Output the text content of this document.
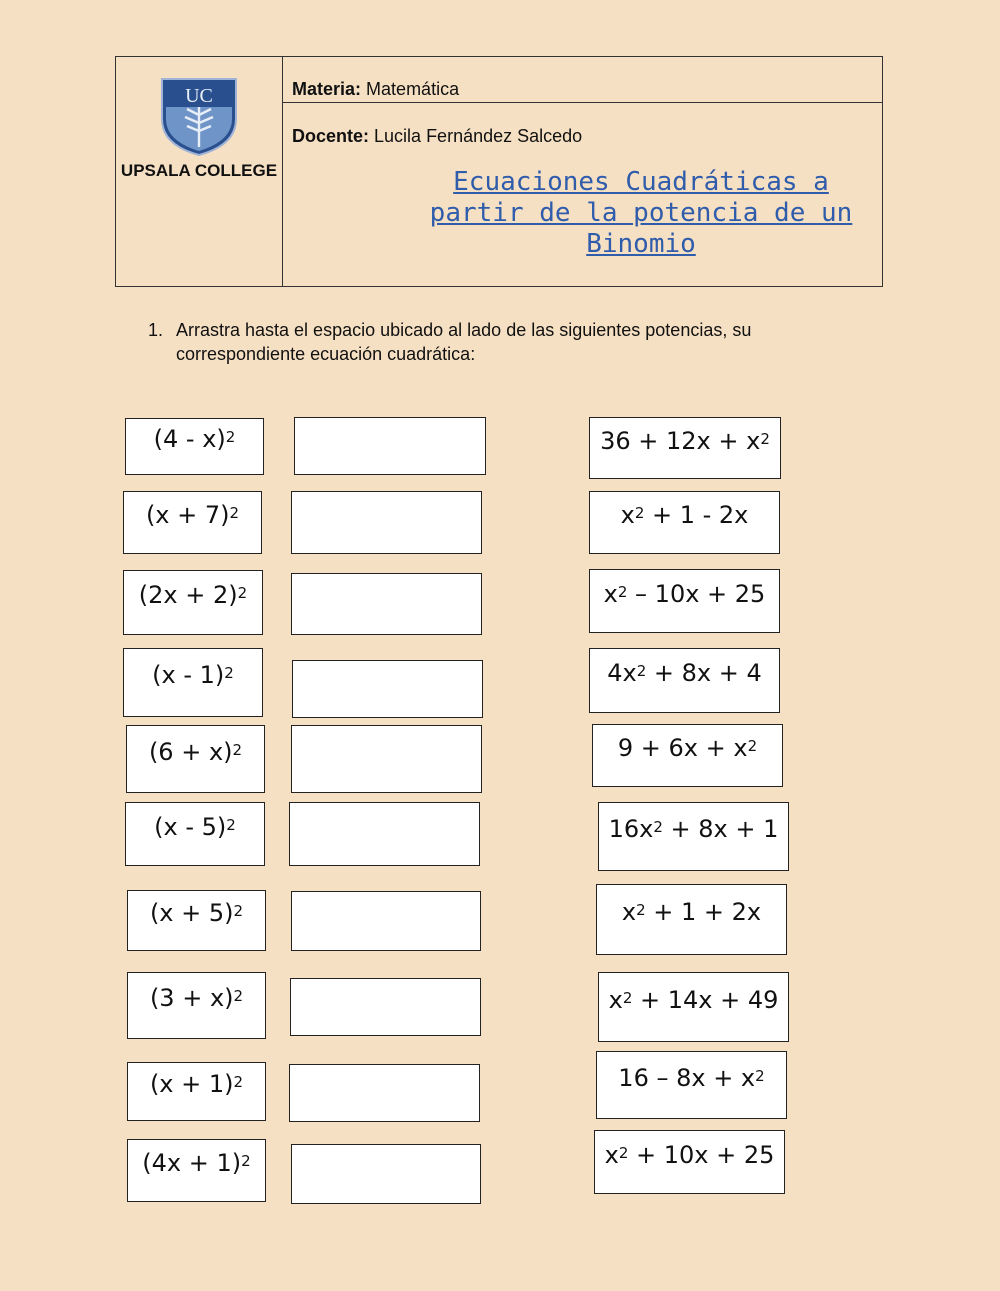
UC
UPSALA COLLEGE
Materia: Matemática
Docente: Lucila Fernández Salcedo
Ecuaciones Cuadráticas a partir de la potencia de un Binomio
1. Arrastra hasta el espacio ubicado al lado de las siguientes potencias, su correspondiente ecuación cuadrática:
(4 - x)$^2$
$(x + 7)^2$
$(2x + 2)^2$
(x - 1)$^2$
$(6 + x)^2$
(x - 5)$^2$
$(x + 5)^2$
$(3 + x)^2$
$(x + 1)^2$
$(4x + 1)^2$
$36 + 12x + x^2$
$x^2 + 1 - 2x$
$x^2 - 10x + 25$
$4x^2 + 8x + 4$
$9 + 6x + x^2$
$16x^2 + 8x + 1$
$x^2 + 1 + 2x$
$x^2 + 14x + 49$
$16 - 8x + x^2$
$x^2 + 10x + 25$
